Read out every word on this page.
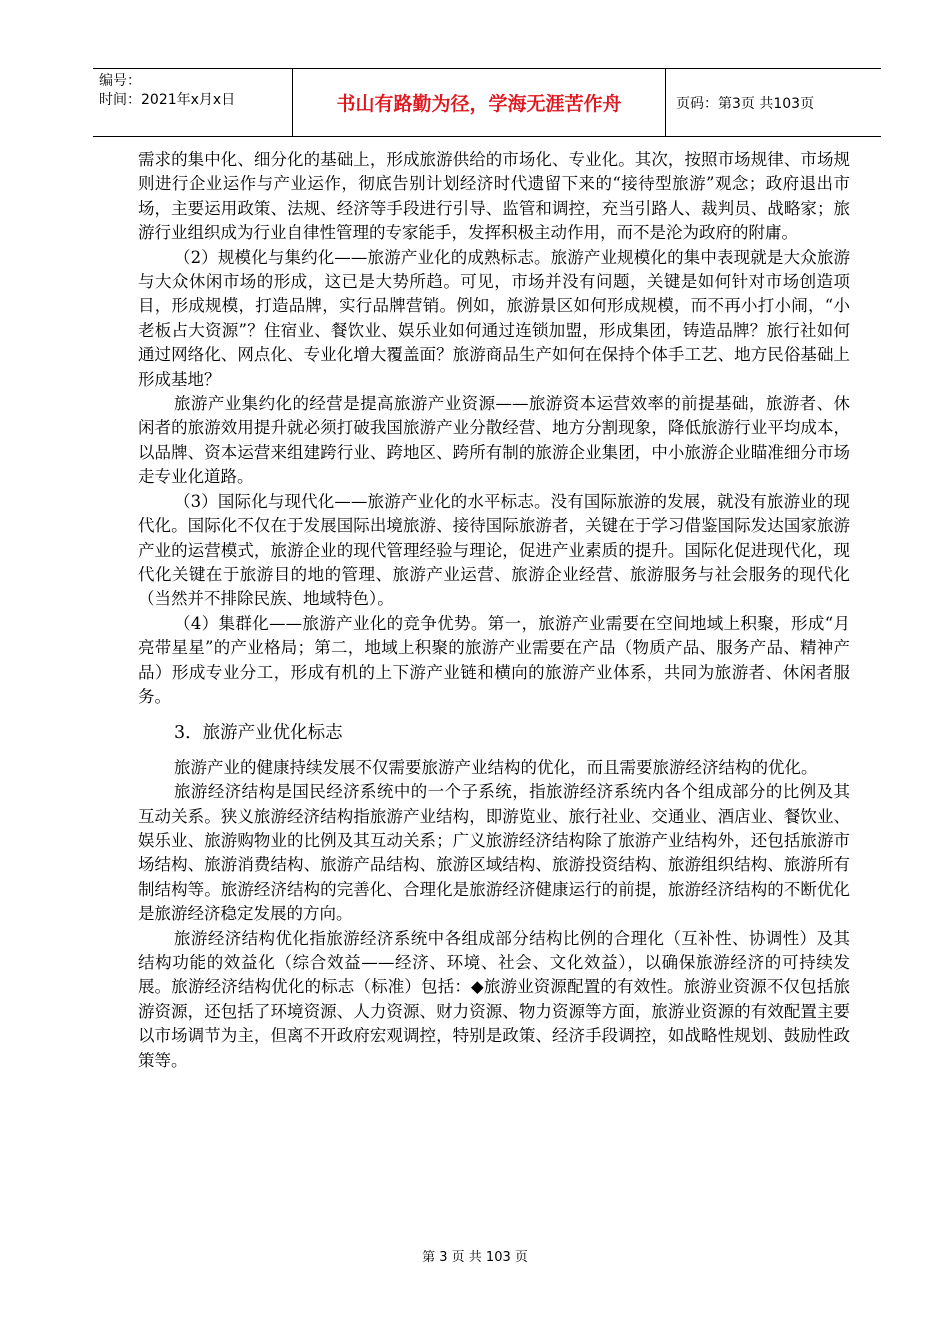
编号：
时间：2021年x月x日	书山有路勤为径，学海无涯苦作舟	页码：第3页 共103页

需求的集中化、细分化的基础上，形成旅游供给的市场化、专业化。其次，按照市场规律、市场规则进行企业运作与产业运作，彻底告别计划经济时代遗留下来的“接待型旅游”观念；政府退出市场，主要运用政策、法规、经济等手段进行引导、监管和调控，充当引路人、裁判员、战略家；旅游行业组织成为行业自律性管理的专家能手，发挥积极主动作用，而不是沦为政府的附庸。

（2）规模化与集约化——旅游产业化的成熟标志。旅游产业规模化的集中表现就是大众旅游与大众休闲市场的形成，这已是大势所趋。可见，市场并没有问题，关键是如何针对市场创造项目，形成规模，打造品牌，实行品牌营销。例如，旅游景区如何形成规模，而不再小打小闹，“小老板占大资源”？住宿业、餐饮业、娱乐业如何通过连锁加盟，形成集团，铸造品牌？旅行社如何通过网络化、网点化、专业化增大覆盖面？旅游商品生产如何在保持个体手工艺、地方民俗基础上形成基地？

旅游产业集约化的经营是提高旅游产业资源——旅游资本运营效率的前提基础，旅游者、休闲者的旅游效用提升就必须打破我国旅游产业分散经营、地方分割现象，降低旅游行业平均成本，以品牌、资本运营来组建跨行业、跨地区、跨所有制的旅游企业集团，中小旅游企业瞄准细分市场走专业化道路。

（3）国际化与现代化——旅游产业化的水平标志。没有国际旅游的发展，就没有旅游业的现代化。国际化不仅在于发展国际出境旅游、接待国际旅游者，关键在于学习借鉴国际发达国家旅游产业的运营模式，旅游企业的现代管理经验与理论，促进产业素质的提升。国际化促进现代化，现代化关键在于旅游目的地的管理、旅游产业运营、旅游企业经营、旅游服务与社会服务的现代化（当然并不排除民族、地域特色）。

（4）集群化——旅游产业化的竞争优势。第一，旅游产业需要在空间地域上积聚，形成“月亮带星星”的产业格局；第二，地域上积聚的旅游产业需要在产品（物质产品、服务产品、精神产品）形成专业分工，形成有机的上下游产业链和横向的旅游产业体系，共同为旅游者、休闲者服务。

3．旅游产业优化标志

旅游产业的健康持续发展不仅需要旅游产业结构的优化，而且需要旅游经济结构的优化。

旅游经济结构是国民经济系统中的一个子系统，指旅游经济系统内各个组成部分的比例及其互动关系。狭义旅游经济结构指旅游产业结构，即游览业、旅行社业、交通业、酒店业、餐饮业、娱乐业、旅游购物业的比例及其互动关系；广义旅游经济结构除了旅游产业结构外，还包括旅游市场结构、旅游消费结构、旅游产品结构、旅游区域结构、旅游投资结构、旅游组织结构、旅游所有制结构等。旅游经济结构的完善化、合理化是旅游经济健康运行的前提，旅游经济结构的不断优化是旅游经济稳定发展的方向。

旅游经济结构优化指旅游经济系统中各组成部分结构比例的合理化（互补性、协调性）及其结构功能的效益化（综合效益——经济、环境、社会、文化效益），以确保旅游经济的可持续发展。旅游经济结构优化的标志（标准）包括：◆旅游业资源配置的有效性。旅游业资源不仅包括旅游资源，还包括了环境资源、人力资源、财力资源、物力资源等方面，旅游业资源的有效配置主要以市场调节为主，但离不开政府宏观调控，特别是政策、经济手段调控，如战略性规划、鼓励性政策等。

第 3 页 共 103 页
